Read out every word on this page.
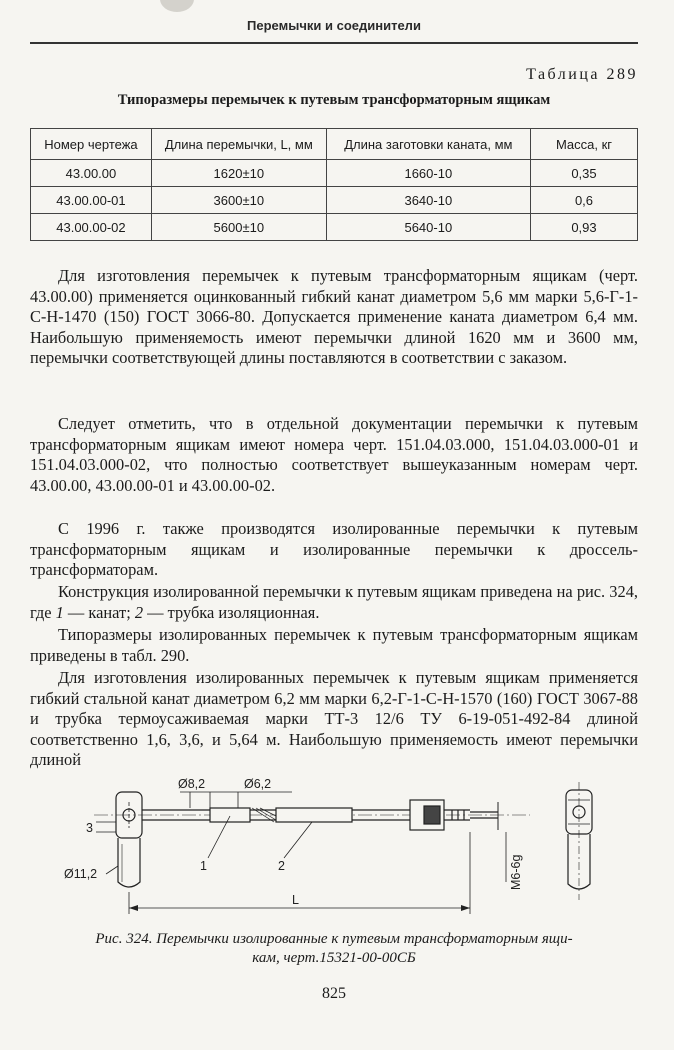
Перемычки и соединители
Таблица 289
Типоразмеры перемычек к путевым трансформаторным ящикам
Номер чертежа	Длина перемычки, L, мм	Длина заготовки каната, мм	Масса, кг
43.00.00	1620±10	1660-10	0,35
43.00.00-01	3600±10	3640-10	0,6
43.00.00-02	5600±10	5640-10	0,93

Для изготовления перемычек к путевым трансформаторным ящикам (черт. 43.00.00) применяется оцинкованный гибкий канат диаметром 5,6 мм марки 5,6-Г-1-С-Н-1470 (150) ГОСТ 3066-80. Допускается применение каната диаметром 6,4 мм. Наибольшую применяемость имеют перемычки длиной 1620 мм и 3600 мм, перемычки соответствующей длины поставляются в соответствии с заказом.

Следует отметить, что в отдельной документации перемычки к путевым трансформаторным ящикам имеют номера черт. 151.04.03.000, 151.04.03.000-01 и 151.04.03.000-02, что полностью соответствует вышеуказанным номерам черт. 43.00.00, 43.00.00-01 и 43.00.00-02.

С 1996 г. также производятся изолированные перемычки к путевым трансформаторным ящикам и изолированные перемычки к дроссель-трансформаторам.

Конструкция изолированной перемычки к путевым ящикам приведена на рис. 324, где 1 — канат; 2 — трубка изоляционная.

Типоразмеры изолированных перемычек к путевым трансформаторным ящикам приведены в табл. 290.

Для изготовления изолированных перемычек к путевым ящикам применяется гибкий стальной канат диаметром 6,2 мм марки 6,2-Г-1-С-Н-1570 (160) ГОСТ 3067-88 и трубка термоусаживаемая марки ТТ-3 12/6 ТУ 6-19-051-492-84 длиной соответственно 1,6, 3,6, и 5,64 м. Наибольшую применяемость имеют перемычки длиной

Ø8,2	Ø6,2
3
Ø11,2
1	2
L
M6-6g
Рис. 324. Перемычки изолированные к путевым трансформаторным ящи-
кам, черт.15321-00-00СБ
825
